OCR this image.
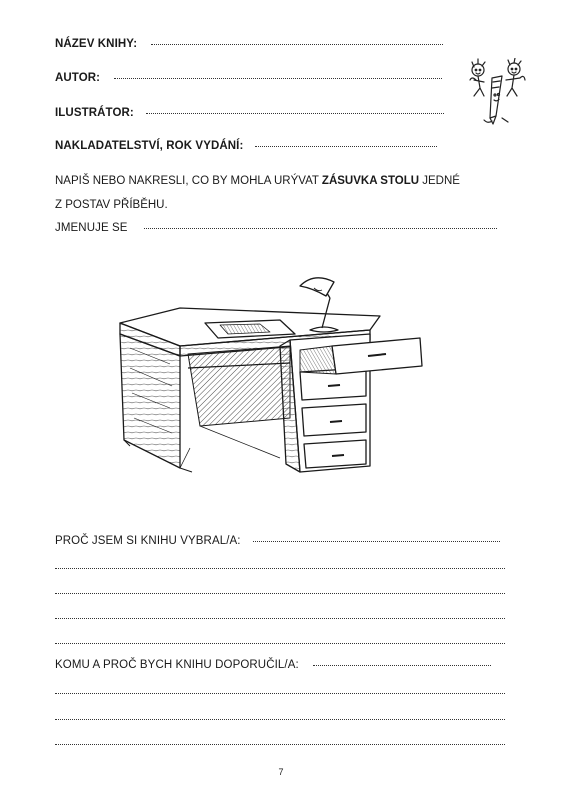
NÁZEV KNIHY:
AUTOR:
ILUSTRÁTOR:
NAKLADATELSTVÍ, ROK VYDÁNÍ:
NAPIŠ NEBO NAKRESLI, CO BY MOHLA URÝVAT ZÁSUVKA STOLU JEDNÉ
Z POSTAV PŘÍBĚHU.
JMENUJE SE
PROČ JSEM SI KNIHU VYBRAL/A:
KOMU A PROČ BYCH KNIHU DOPORUČIL/A:
7
